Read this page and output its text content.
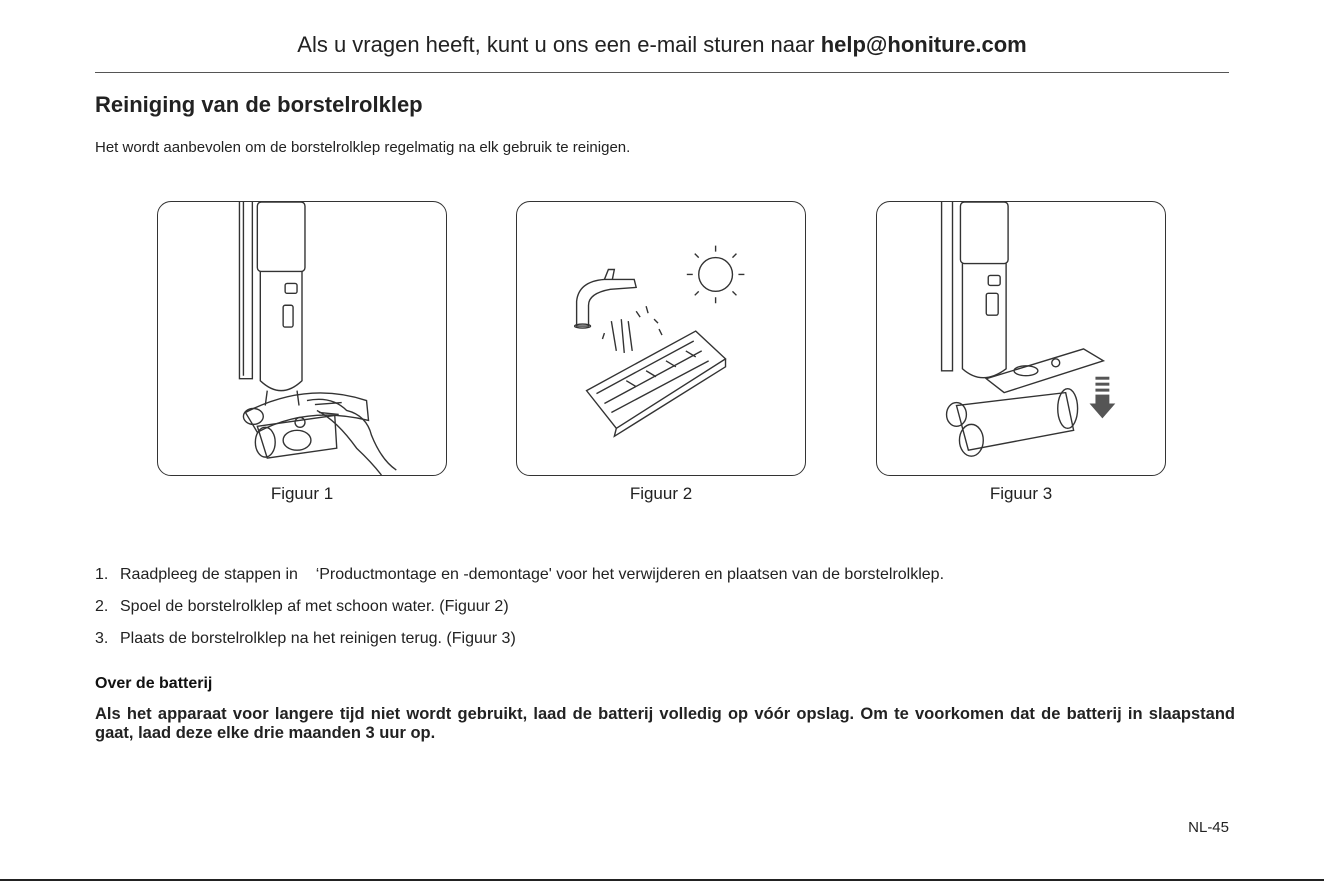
Als u vragen heeft, kunt u ons een e-mail sturen naar help@honiture.com
Reiniging van de borstelrolklep
Het wordt aanbevolen om de borstelrolklep regelmatig na elk gebruik te reinigen.
Figuur 1	Figuur 2	Figuur 3
1. Raadpleeg de stappen in    ‘Productmontage en -demontage' voor het verwijderen en plaatsen van de borstelrolklep.
2. Spoel de borstelrolklep af met schoon water. (Figuur 2)
3. Plaats de borstelrolklep na het reinigen terug. (Figuur 3)
Over de batterij
Als het apparaat voor langere tijd niet wordt gebruikt, laad de batterij volledig op vóór opslag. Om te voorkomen dat de batterij in slaapstand gaat, laad deze elke drie maanden 3 uur op.
NL-45
